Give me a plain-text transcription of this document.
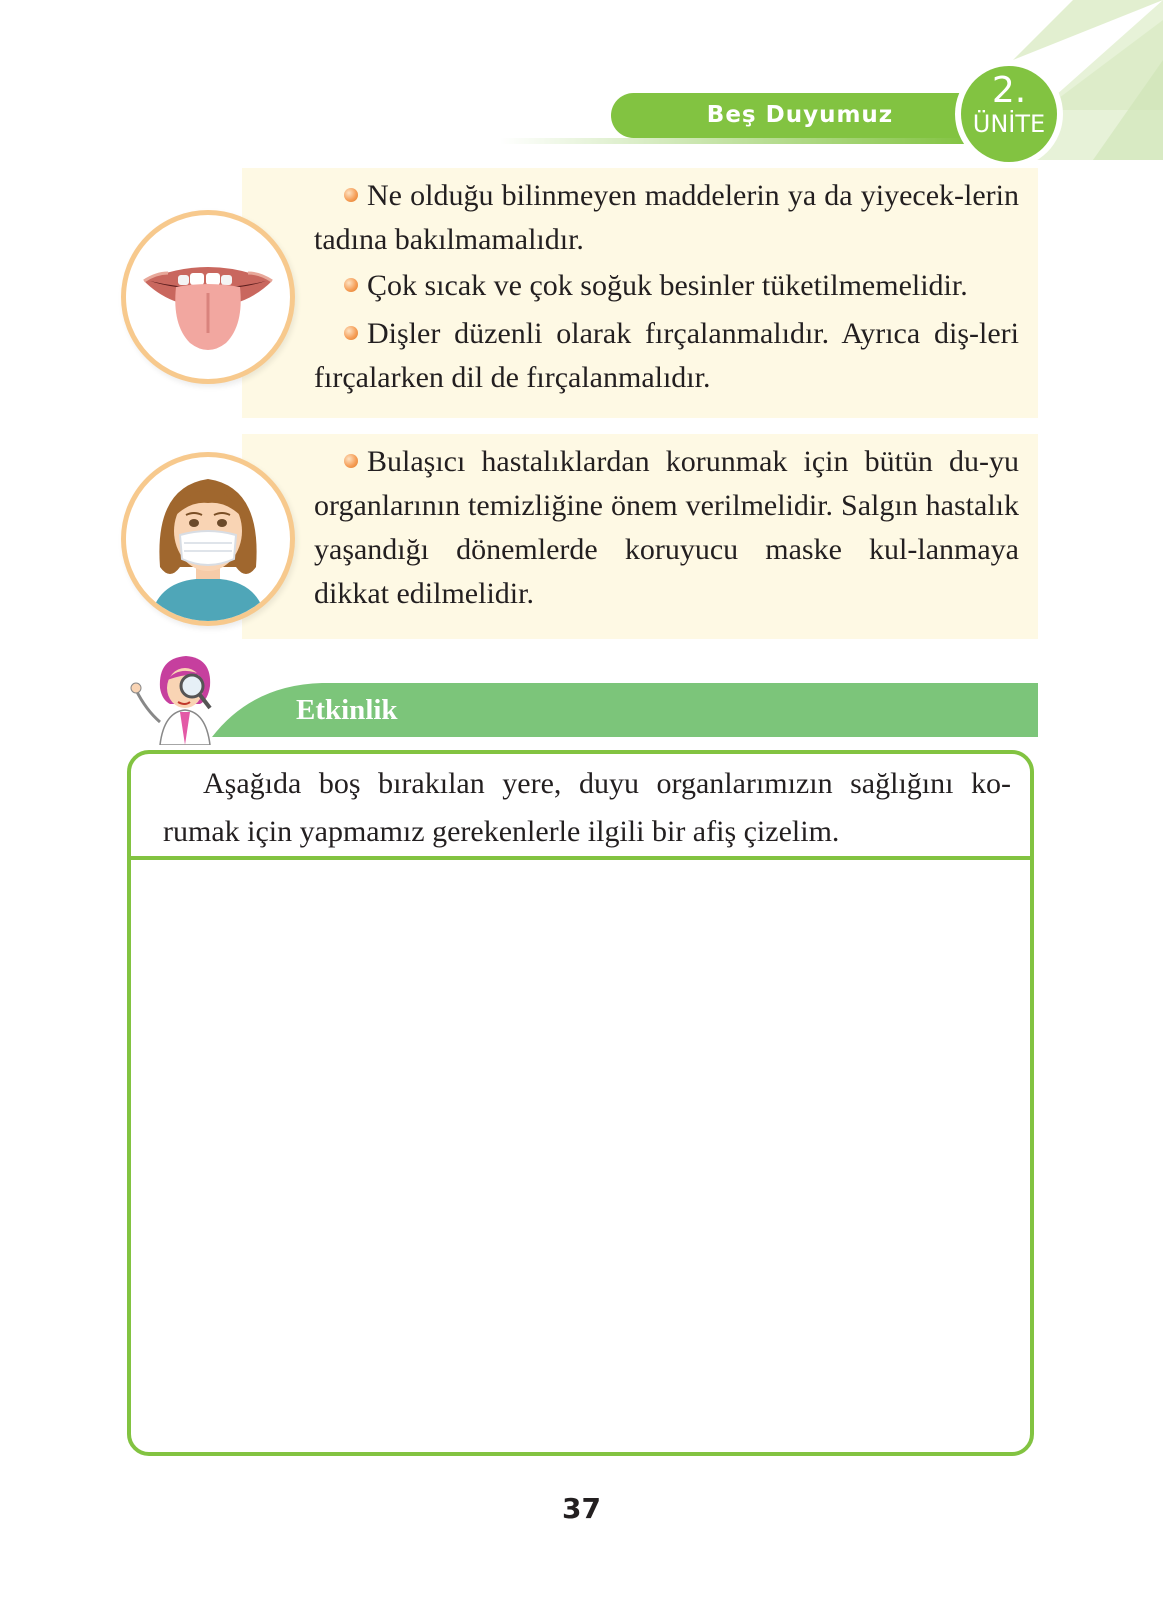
Beş Duyumuz
2.
ÜNİTE

Ne olduğu bilinmeyen maddelerin ya da yiyecek-lerin tadına bakılmamalıdır.

Çok sıcak ve çok soğuk besinler tüketilmemelidir.

Dişler düzenli olarak fırçalanmalıdır. Ayrıca diş-leri fırçalarken dil de fırçalanmalıdır.

Bulaşıcı hastalıklardan korunmak için bütün du-yu organlarının temizliğine önem verilmelidir. Salgın hastalık yaşandığı dönemlerde koruyucu maske kul-lanmaya dikkat edilmelidir.

Etkinlik

Aşağıda boş bırakılan yere, duyu organlarımızın sağlığını ko-rumak için yapmamız gerekenlerle ilgili bir afiş çizelim.

37
